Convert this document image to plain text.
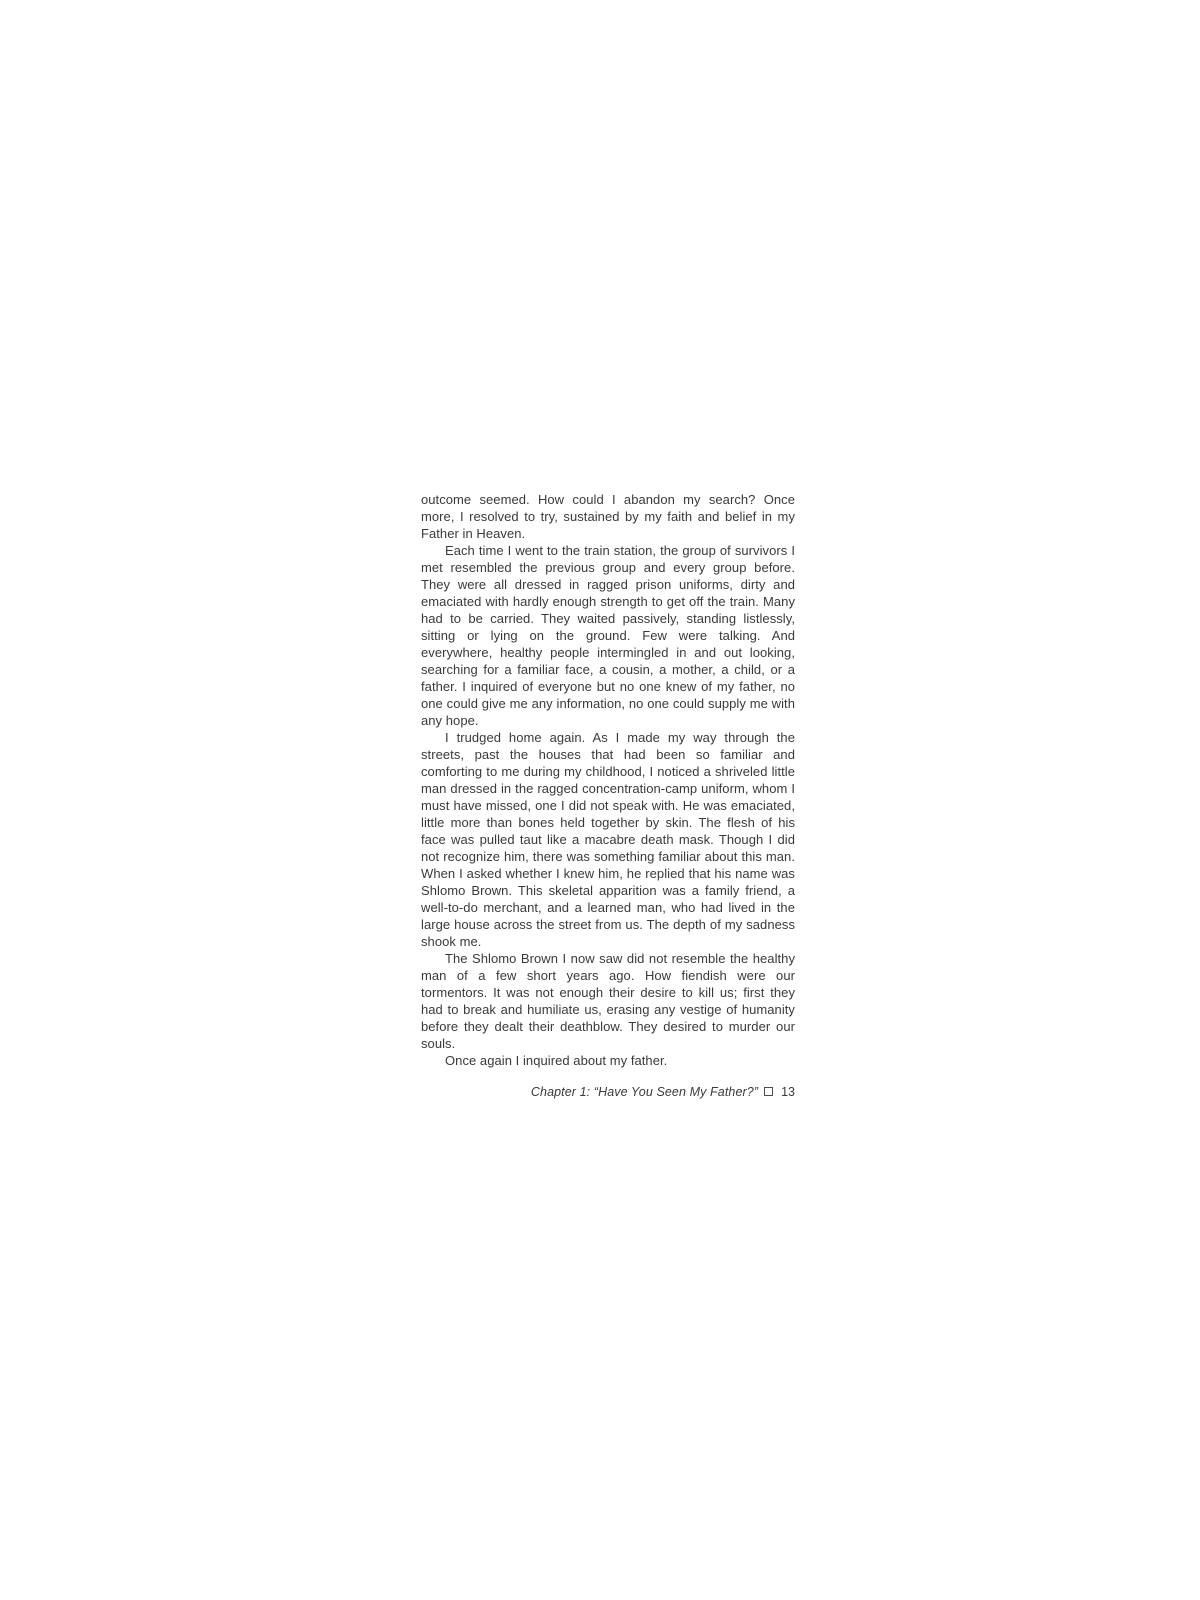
outcome seemed. How could I abandon my search? Once more, I resolved to try, sustained by my faith and belief in my Father in Heaven.

Each time I went to the train station, the group of survivors I met resembled the previous group and every group before. They were all dressed in ragged prison uniforms, dirty and emaciated with hardly enough strength to get off the train. Many had to be carried. They waited passively, standing listlessly, sitting or lying on the ground. Few were talking. And everywhere, healthy people intermingled in and out looking, searching for a familiar face, a cousin, a mother, a child, or a father. I inquired of everyone but no one knew of my father, no one could give me any information, no one could supply me with any hope.

I trudged home again. As I made my way through the streets, past the houses that had been so familiar and comforting to me during my childhood, I noticed a shriveled little man dressed in the ragged concentration-camp uniform, whom I must have missed, one I did not speak with. He was emaciated, little more than bones held together by skin. The flesh of his face was pulled taut like a macabre death mask. Though I did not recognize him, there was something familiar about this man. When I asked whether I knew him, he replied that his name was Shlomo Brown. This skeletal apparition was a family friend, a well-to-do merchant, and a learned man, who had lived in the large house across the street from us. The depth of my sadness shook me.

The Shlomo Brown I now saw did not resemble the healthy man of a few short years ago. How fiendish were our tormentors. It was not enough their desire to kill us; first they had to break and humiliate us, erasing any vestige of humanity before they dealt their deathblow. They desired to murder our souls.

Once again I inquired about my father.

Chapter 1: “Have You Seen My Father?” 13
